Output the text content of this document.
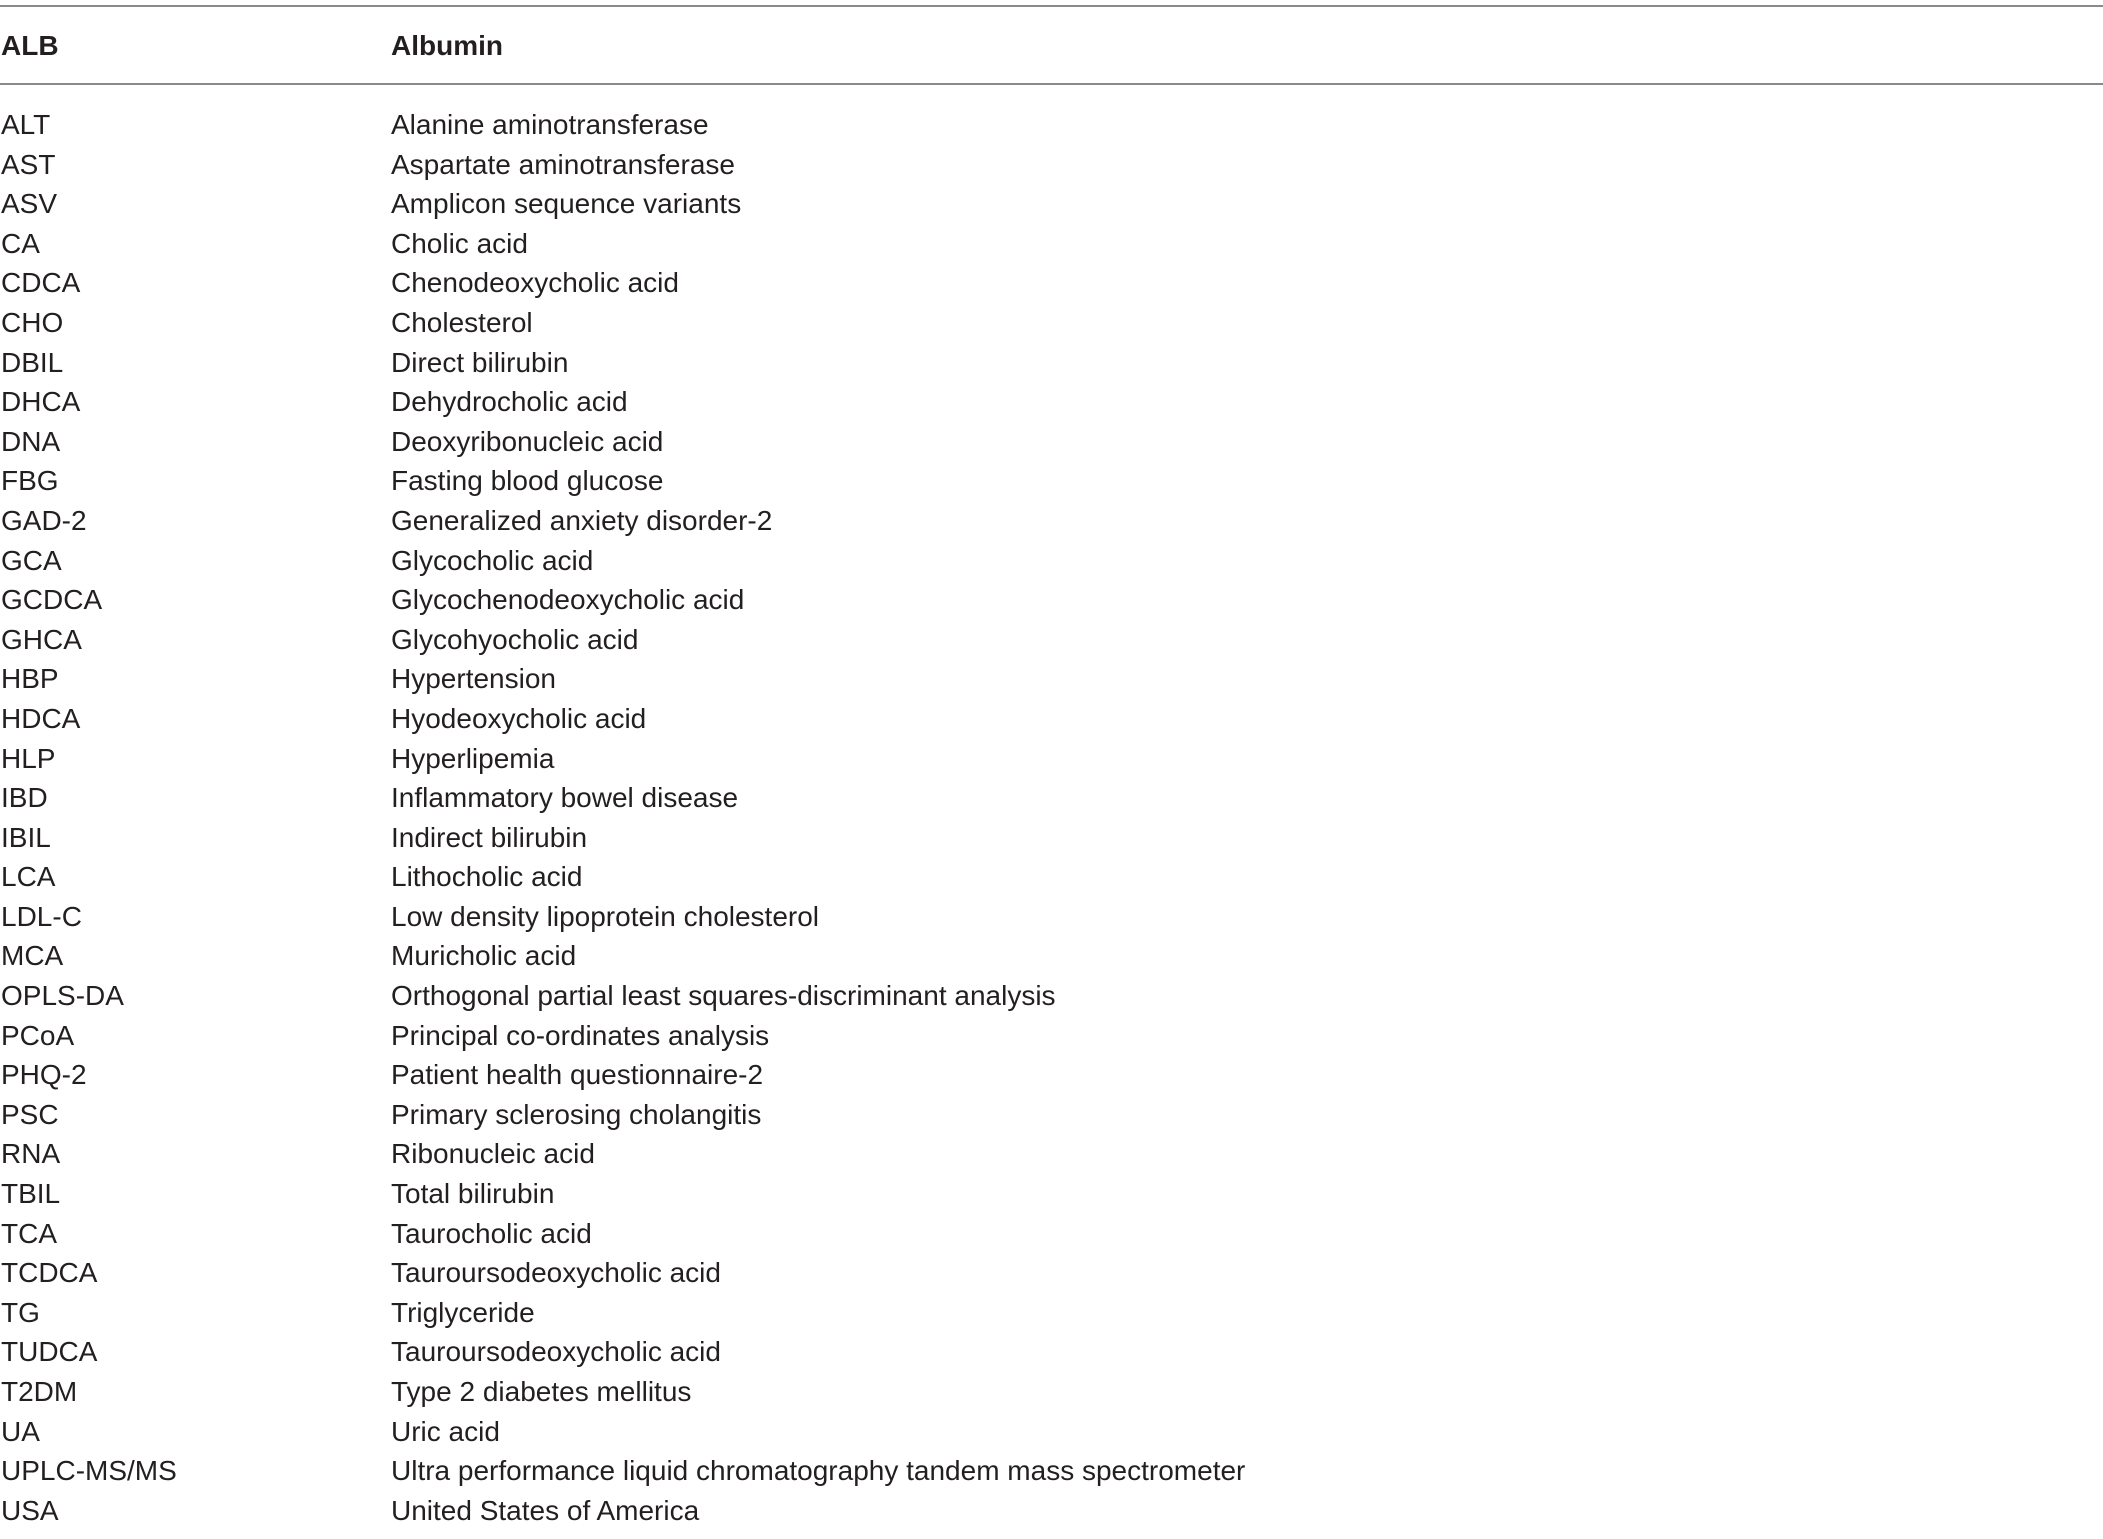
ALB	Albumin
ALT	Alanine aminotransferase
AST	Aspartate aminotransferase
ASV	Amplicon sequence variants
CA	Cholic acid
CDCA	Chenodeoxycholic acid
CHO	Cholesterol
DBIL	Direct bilirubin
DHCA	Dehydrocholic acid
DNA	Deoxyribonucleic acid
FBG	Fasting blood glucose
GAD-2	Generalized anxiety disorder-2
GCA	Glycocholic acid
GCDCA	Glycochenodeoxycholic acid
GHCA	Glycohyocholic acid
HBP	Hypertension
HDCA	Hyodeoxycholic acid
HLP	Hyperlipemia
IBD	Inflammatory bowel disease
IBIL	Indirect bilirubin
LCA	Lithocholic acid
LDL-C	Low density lipoprotein cholesterol
MCA	Muricholic acid
OPLS-DA	Orthogonal partial least squares-discriminant analysis
PCoA	Principal co-ordinates analysis
PHQ-2	Patient health questionnaire-2
PSC	Primary sclerosing cholangitis
RNA	Ribonucleic acid
TBIL	Total bilirubin
TCA	Taurocholic acid
TCDCA	Tauroursodeoxycholic acid
TG	Triglyceride
TUDCA	Tauroursodeoxycholic acid
T2DM	Type 2 diabetes mellitus
UA	Uric acid
UPLC-MS/MS	Ultra performance liquid chromatography tandem mass spectrometer
USA	United States of America
